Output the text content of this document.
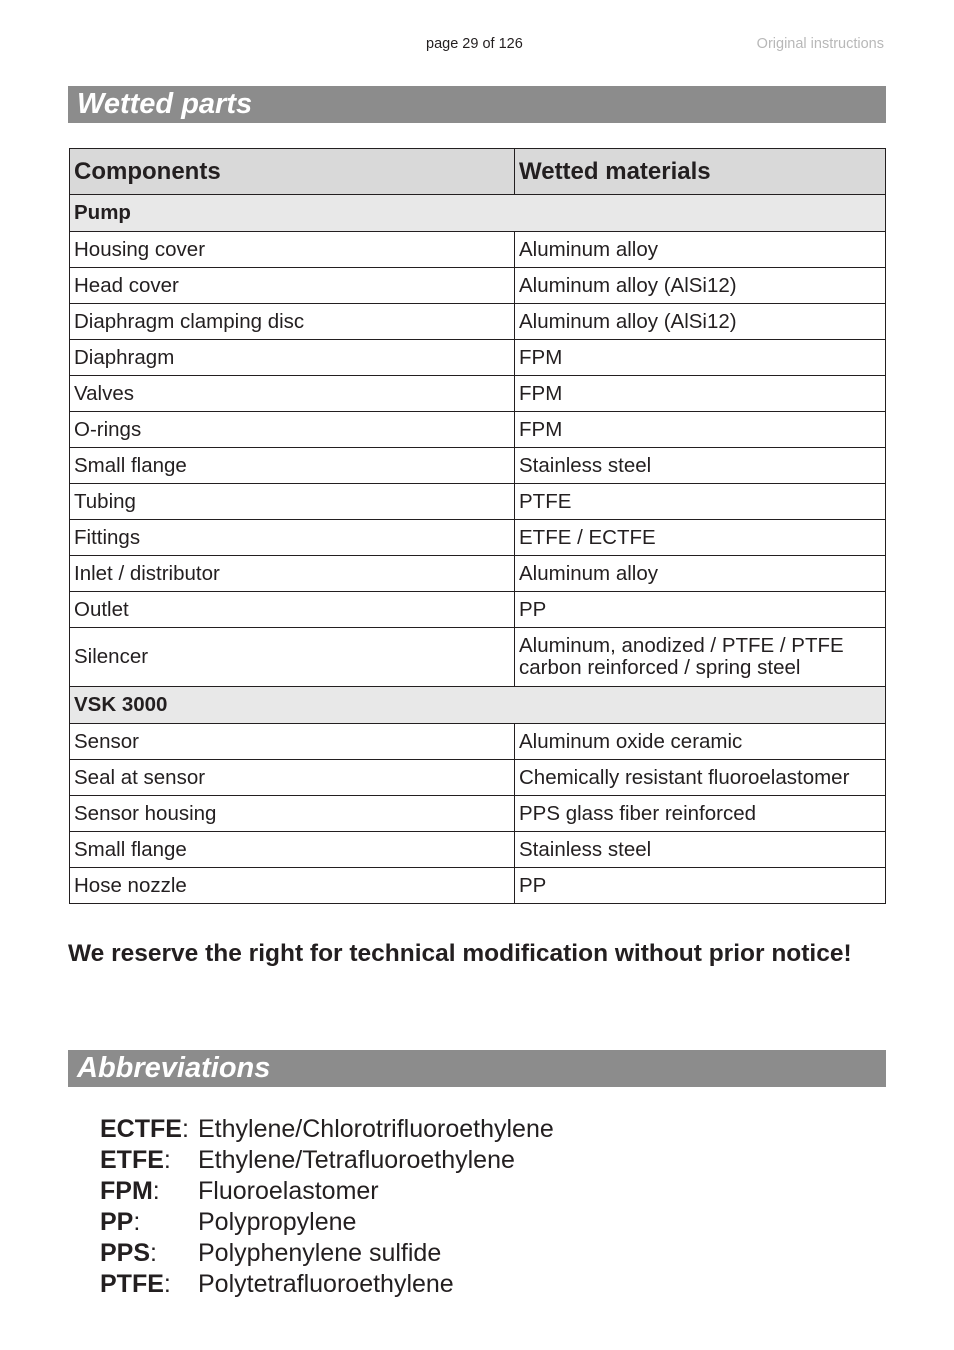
page 29 of 126	Original instructions
Wetted parts
Components	Wetted materials
Pump	
Housing cover	Aluminum alloy
Head cover	Aluminum alloy (AlSi12)
Diaphragm clamping disc	Aluminum alloy (AlSi12)
Diaphragm	FPM
Valves	FPM
O-rings	FPM
Small flange	Stainless steel
Tubing	PTFE
Fittings	ETFE / ECTFE
Inlet / distributor	Aluminum alloy
Outlet	PP
Silencer	Aluminum, anodized / PTFE / PTFE
carbon reinforced / spring steel
VSK 3000	
Sensor	Aluminum oxide ceramic
Seal at sensor	Chemically resistant fluoroelastomer
Sensor housing	PPS glass fiber reinforced
Small flange	Stainless steel
Hose nozzle	PP
We reserve the right for technical modification without prior notice!
Abbreviations
ECTFE: Ethylene/Chlorotrifluoroethylene
ETFE:	Ethylene/Tetrafluoroethylene
FPM:	Fluoroelastomer
PP:	Polypropylene
PPS:	Polyphenylene sulfide
PTFE:	Polytetrafluoroethylene
